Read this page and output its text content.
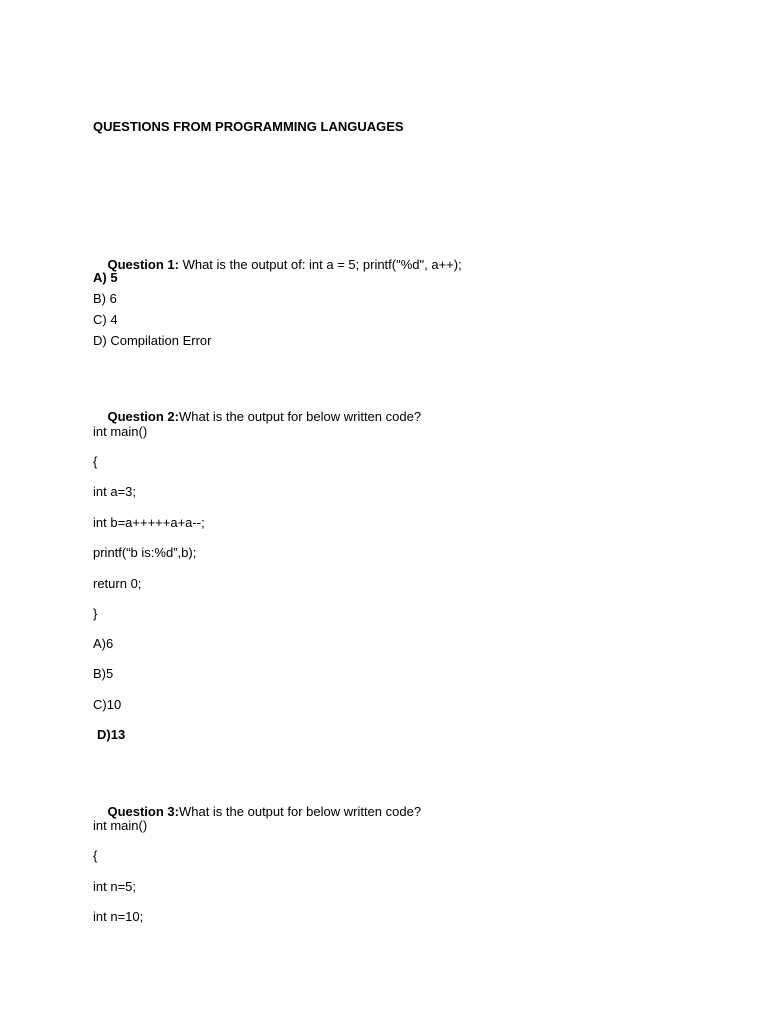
QUESTIONS FROM PROGRAMMING LANGUAGES

Question 1: What is the output of: int a = 5; printf("%d", a++);

A) 5
B) 6
C) 4
D) Compilation Error

Question 2:What is the output for below written code?

int main()
{
int a=3;
int b=a+++++a+a--;
printf(“b is:%d”,b);
return 0;
}
A)6
B)5
C)10
D)13

Question 3:What is the output for below written code?

int main()
{
int n=5;
int n=10;
